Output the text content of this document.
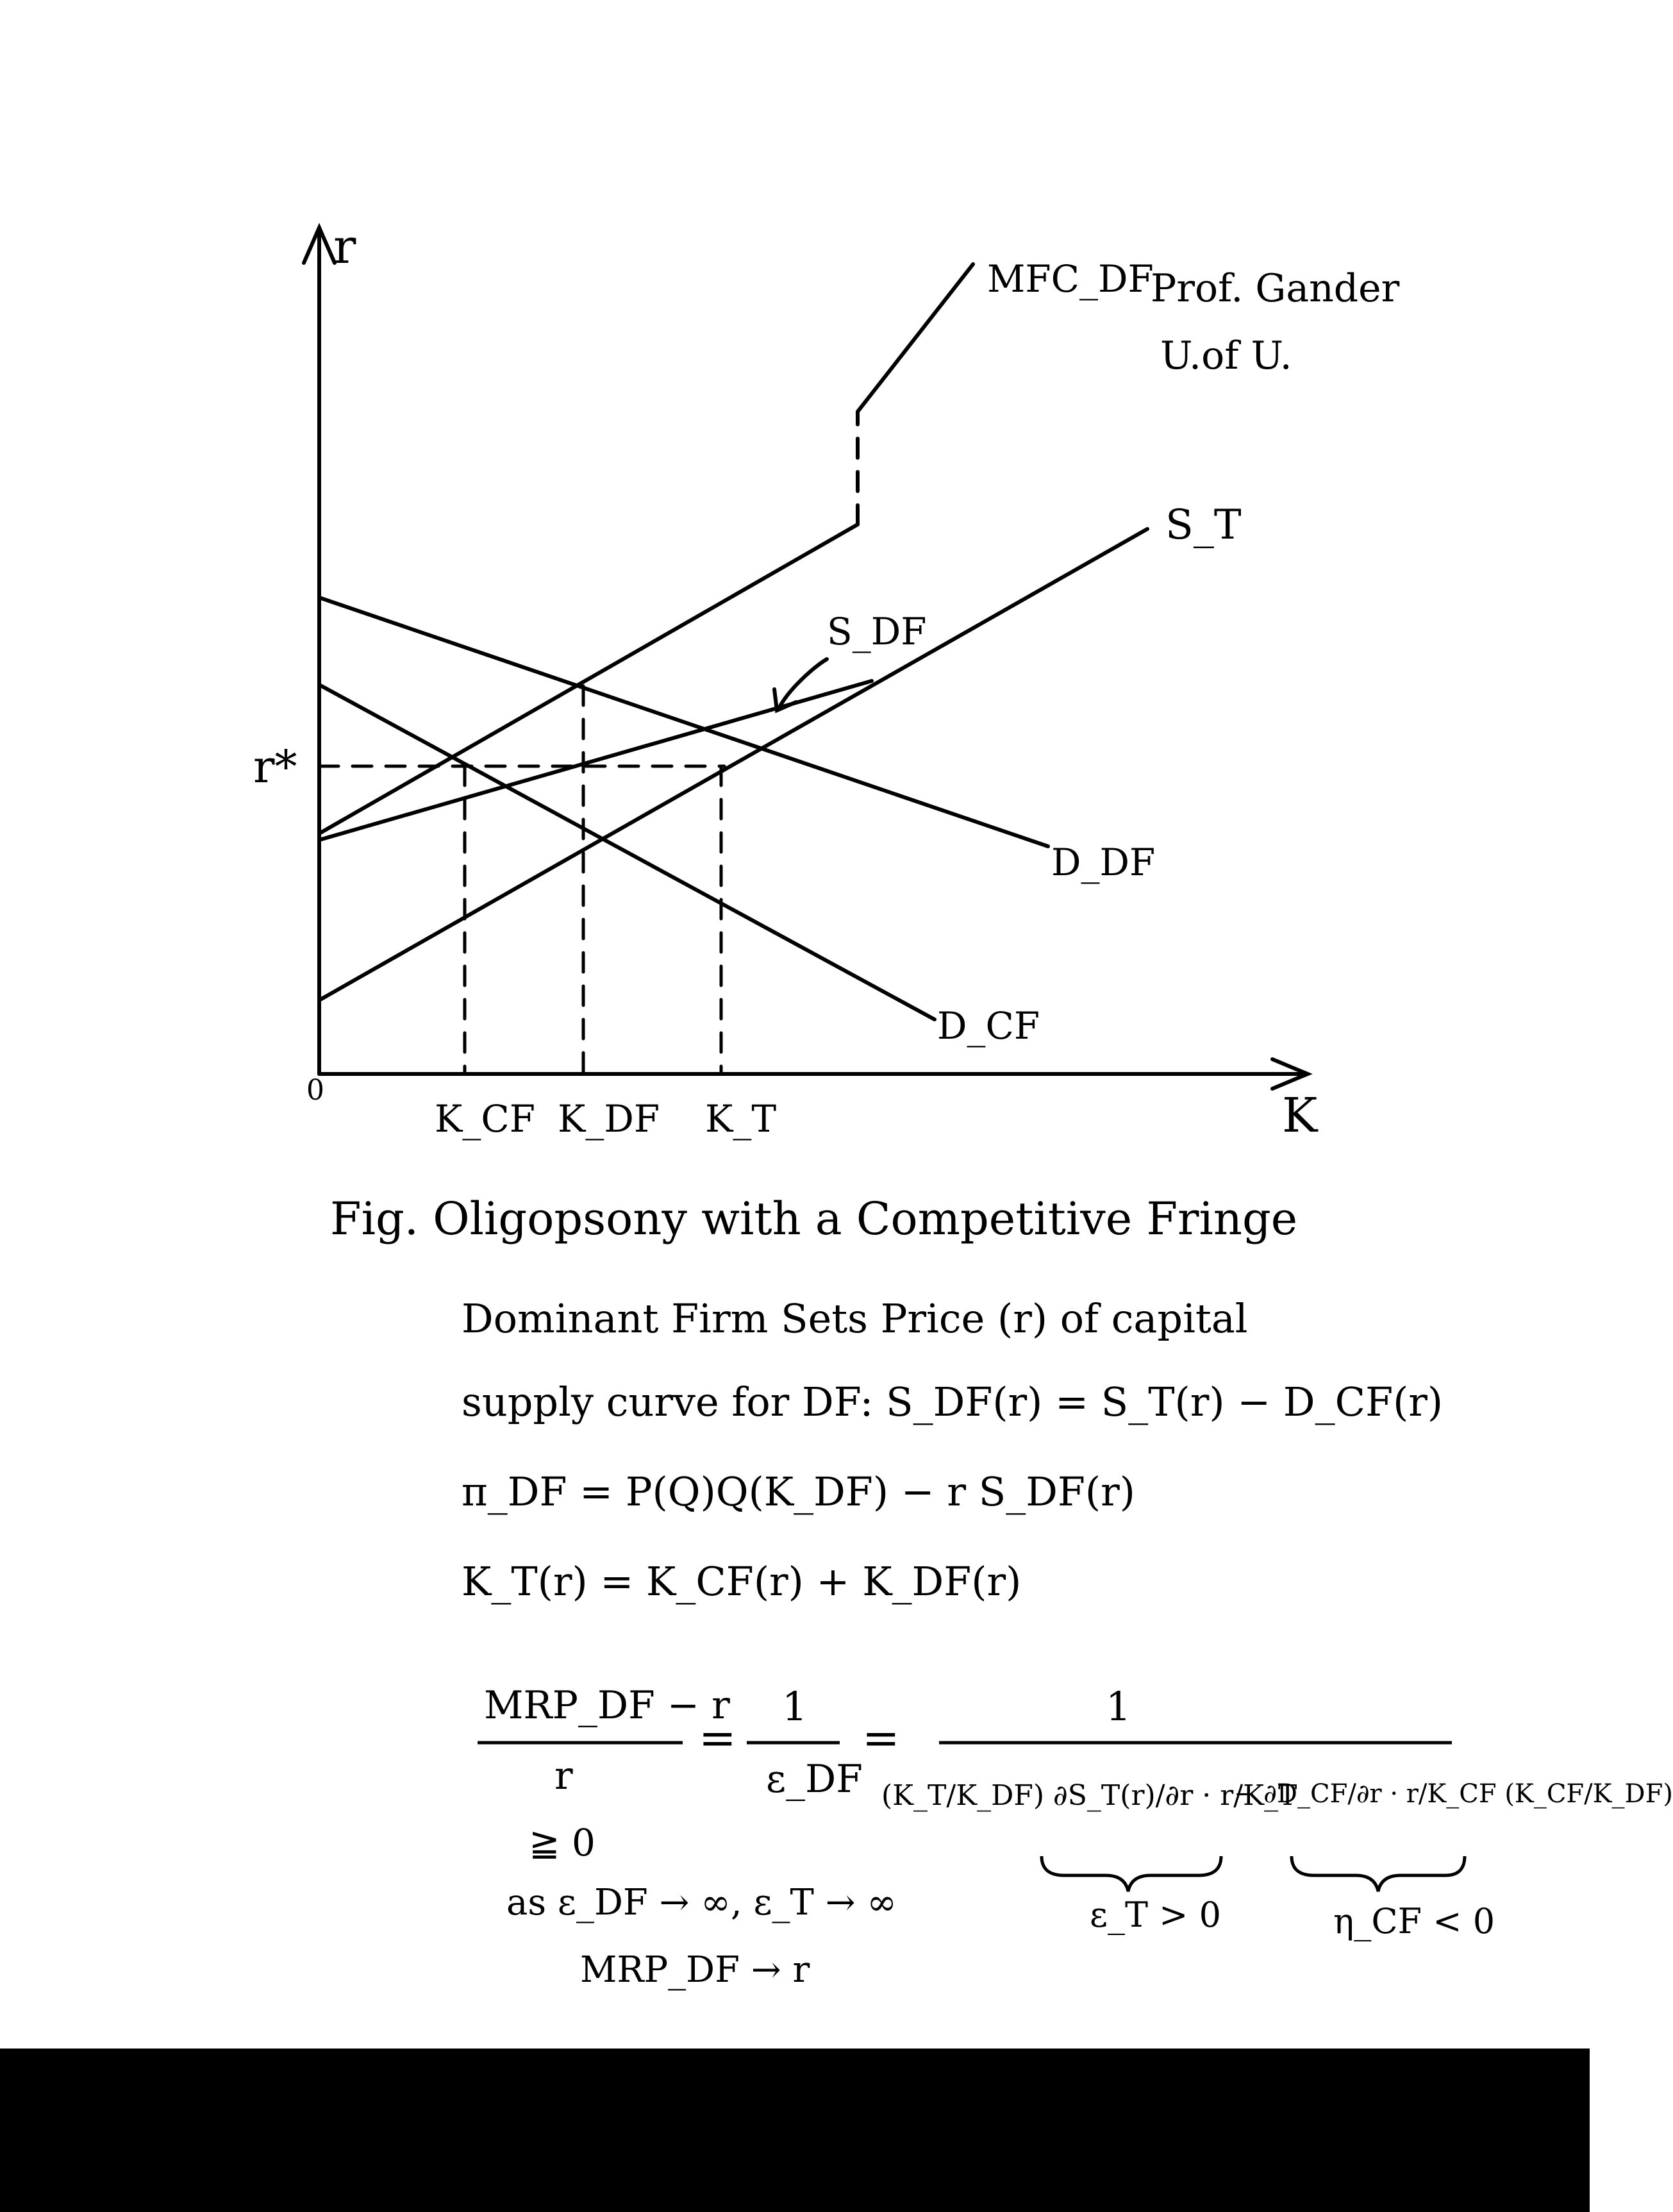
r
K
0
r*
K_CF K_DF K_T
MFC_DF
S_T
S_DF
D_DF
D_CF
Prof. Gander
U.of U.
Fig. Oligopsony with a Competitive Fringe
Dominant Firm Sets Price (r) of capital
supply curve for DF: S_DF(r) = S_T(r) − D_CF(r)
π_DF = P(Q)Q(K_DF) − r S_DF(r)
K_T(r) = K_CF(r) + K_DF(r)
MRP_DF − r
r
=
1
ε_DF
=
1
(K_T/K_DF) ∂S_T(r)/∂r · r/K_T
− ∂D_CF/∂r · r/K_CF (K_CF/K_DF)
ε_T > 0	η_CF < 0
≧ 0
as ε_DF → ∞, ε_T → ∞
MRP_DF → r
